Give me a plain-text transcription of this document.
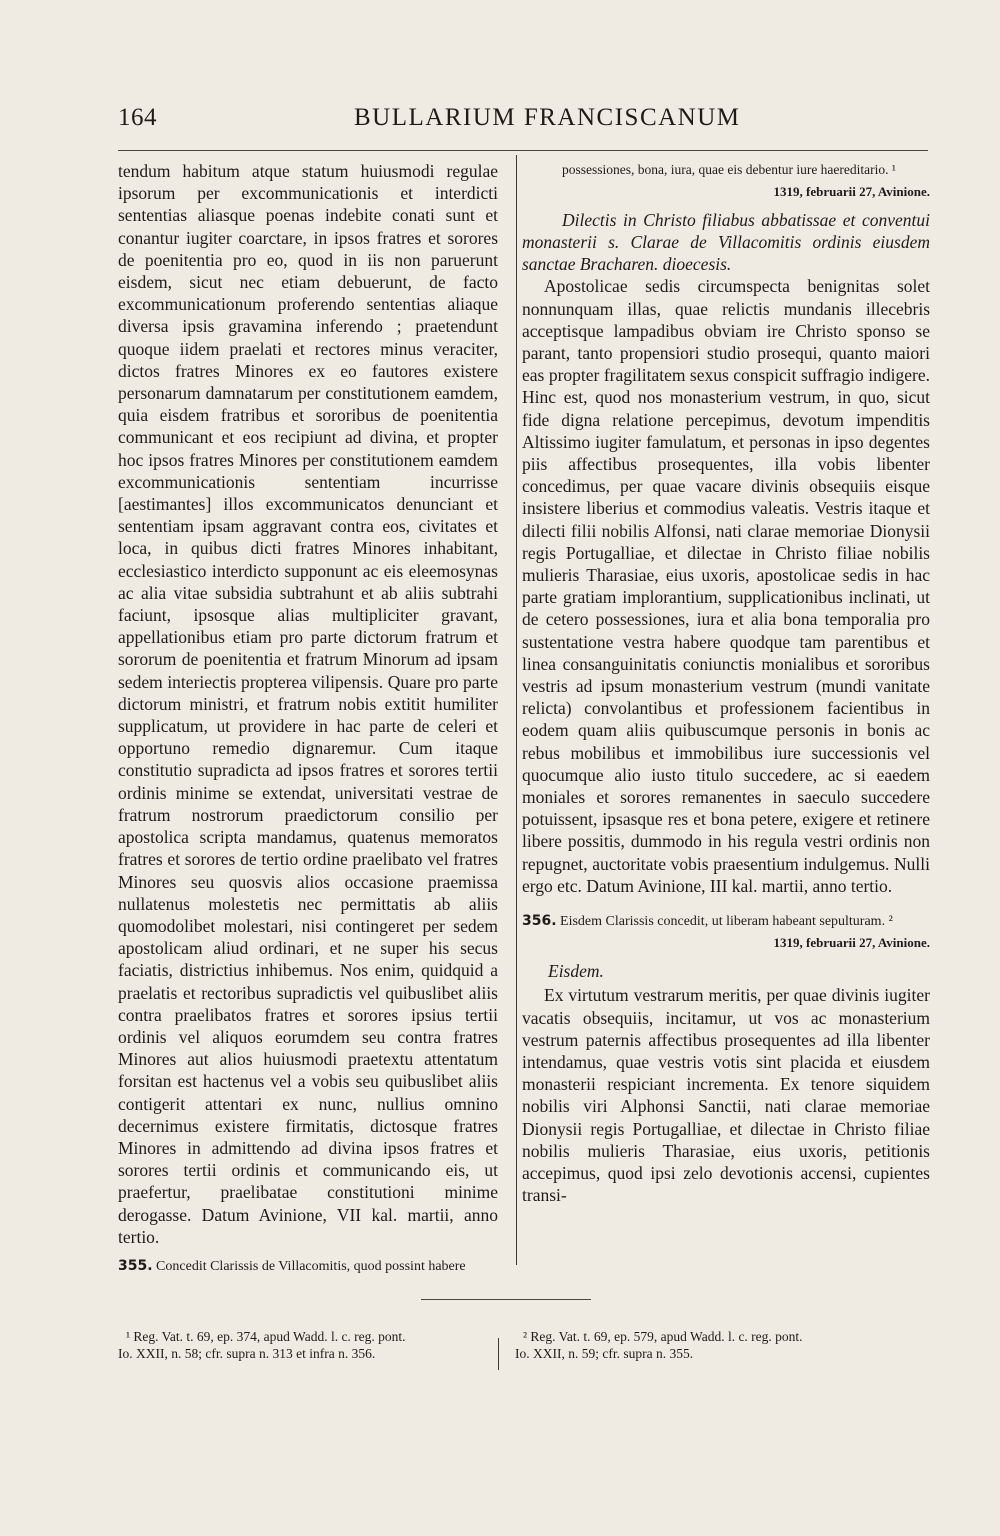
164	BULLARIUM FRANCISCANUM

tendum habitum atque statum huiusmodi regulae ipsorum per excommunicationis et interdicti sententias aliasque poenas indebite conati sunt et conantur iugiter coarctare, in ipsos fratres et sorores de poenitentia pro eo, quod in iis non paruerunt eisdem, sicut nec etiam debuerunt, de facto excommunicationum proferendo sententias aliaque diversa ipsis gravamina inferendo ; praetendunt quoque iidem praelati et rectores minus veraciter, dictos fratres Minores ex eo fautores existere personarum damnatarum per constitutionem eamdem, quia eisdem fratribus et sororibus de poenitentia communicant et eos recipiunt ad divina, et propter hoc ipsos fratres Minores per constitutionem eamdem excommunicationis sententiam incurrisse [aestimantes] illos excommunicatos denunciant et sententiam ipsam aggravant contra eos, civitates et loca, in quibus dicti fratres Minores inhabitant, ecclesiastico interdicto supponunt ac eis eleemosynas ac alia vitae subsidia subtrahunt et ab aliis subtrahi faciunt, ipsosque alias multipliciter gravant, appellationibus etiam pro parte dictorum fratrum et sororum de poenitentia et fratrum Minorum ad ipsam sedem interiectis propterea vilipensis. Quare pro parte dictorum ministri, et fratrum nobis extitit humiliter supplicatum, ut providere in hac parte de celeri et opportuno remedio dignaremur. Cum itaque constitutio supradicta ad ipsos fratres et sorores tertii ordinis minime se extendat, universitati vestrae de fratrum nostrorum praedictorum consilio per apostolica scripta mandamus, quatenus memoratos fratres et sorores de tertio ordine praelibato vel fratres Minores seu quosvis alios occasione praemissa nullatenus molestetis nec permittatis ab aliis quomodolibet molestari, nisi contingeret per sedem apostolicam aliud ordinari, et ne super his secus faciatis, districtius inhibemus. Nos enim, quidquid a praelatis et rectoribus supradictis vel quibuslibet aliis contra praelibatos fratres et sorores ipsius tertii ordinis vel aliquos eorumdem seu contra fratres Minores aut alios huiusmodi praetextu attentatum forsitan est hactenus vel a vobis seu quibuslibet aliis contigerit attentari ex nunc, nullius omnino decernimus existere firmitatis, dictosque fratres Minores in admittendo ad divina ipsos fratres et sorores tertii ordinis et communicando eis, ut praefertur, praelibatae constitutioni minime derogasse. Datum Avinione, VII kal. martii, anno tertio.

355. Concedit Clarissis de Villacomitis, quod possint habere

possessiones, bona, iura, quae eis debentur iure haereditario. ¹

1319, februarii 27, Avinione.

Dilectis in Christo filiabus abbatissae et conventui monasterii s. Clarae de Villacomitis ordinis eiusdem sanctae Bracharen. dioecesis.

Apostolicae sedis circumspecta benignitas solet nonnunquam illas, quae relictis mundanis illecebris acceptisque lampadibus obviam ire Christo sponso se parant, tanto propensiori studio prosequi, quanto maiori eas propter fragilitatem sexus conspicit suffragio indigere. Hinc est, quod nos monasterium vestrum, in quo, sicut fide digna relatione percepimus, devotum impenditis Altissimo iugiter famulatum, et personas in ipso degentes piis affectibus prosequentes, illa vobis libenter concedimus, per quae vacare divinis obsequiis eisque insistere liberius et commodius valeatis. Vestris itaque et dilecti filii nobilis Alfonsi, nati clarae memoriae Dionysii regis Portugalliae, et dilectae in Christo filiae nobilis mulieris Tharasiae, eius uxoris, apostolicae sedis in hac parte gratiam implorantium, supplicationibus inclinati, ut de cetero possessiones, iura et alia bona temporalia pro sustentatione vestra habere quodque tam parentibus et linea consanguinitatis coniunctis monialibus et sororibus vestris ad ipsum monasterium vestrum (mundi vanitate relicta) convolantibus et professionem facientibus in eodem quam aliis quibuscumque personis in bonis ac rebus mobilibus et immobilibus iure successionis vel quocumque alio iusto titulo succedere, ac si eaedem moniales et sorores remanentes in saeculo succedere potuissent, ipsasque res et bona petere, exigere et retinere libere possitis, dummodo in his regula vestri ordinis non repugnet, auctoritate vobis praesentium indulgemus. Nulli ergo etc. Datum Avinione, III kal. martii, anno tertio.

356. Eisdem Clarissis concedit, ut liberam habeant sepulturam. ²

1319, februarii 27, Avinione.

Eisdem.

Ex virtutum vestrarum meritis, per quae divinis iugiter vacatis obsequiis, incitamur, ut vos ac monasterium vestrum paternis affectibus prosequentes ad illa libenter intendamus, quae vestris votis sint placida et eiusdem monasterii respiciant incrementa. Ex tenore siquidem nobilis viri Alphonsi Sanctii, nati clarae memoriae Dionysii regis Portugalliae, et dilectae in Christo filiae nobilis mulieris Tharasiae, eius uxoris, petitionis accepimus, quod ipsi zelo devotionis accensi, cupientes transi-

¹ Reg. Vat. t. 69, ep. 374, apud Wadd. l. c. reg. pont.
Io. XXII, n. 58; cfr. supra n. 313 et infra n. 356.
² Reg. Vat. t. 69, ep. 579, apud Wadd. l. c. reg. pont.
Io. XXII, n. 59; cfr. supra n. 355.
